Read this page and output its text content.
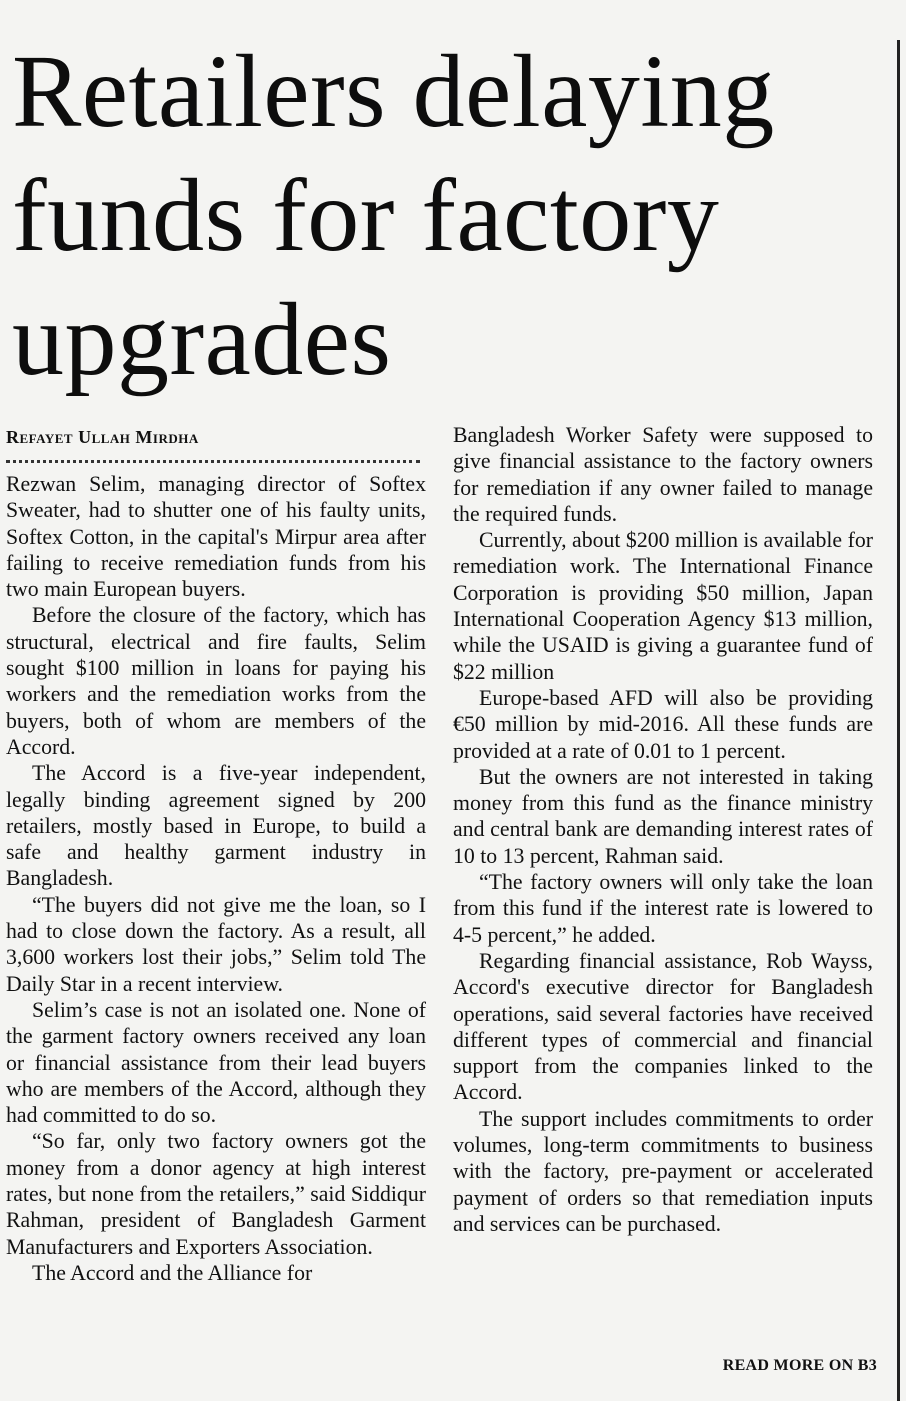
Retailers delaying funds for factory upgrades
Refayet Ullah Mirdha

Rezwan Selim, managing director of Softex Sweater, had to shutter one of his faulty units, Softex Cotton, in the capital's Mirpur area after failing to receive remediation funds from his two main European buyers.

Before the closure of the factory, which has structural, electrical and fire faults, Selim sought $100 million in loans for paying his workers and the remediation works from the buyers, both of whom are members of the Accord.

The Accord is a five-year independent, legally binding agreement signed by 200 retailers, mostly based in Europe, to build a safe and healthy garment industry in Bangladesh.

“The buyers did not give me the loan, so I had to close down the factory. As a result, all 3,600 workers lost their jobs,” Selim told The Daily Star in a recent interview.

Selim’s case is not an isolated one. None of the garment factory owners received any loan or financial assistance from their lead buyers who are members of the Accord, although they had committed to do so.

“So far, only two factory owners got the money from a donor agency at high interest rates, but none from the retailers,” said Siddiqur Rahman, president of Bangladesh Garment Manufacturers and Exporters Association.

The Accord and the Alliance for

Bangladesh Worker Safety were supposed to give financial assistance to the factory owners for remediation if any owner failed to manage the required funds.

Currently, about $200 million is available for remediation work. The International Finance Corporation is providing $50 million, Japan International Cooperation Agency $13 million, while the USAID is giving a guarantee fund of $22 million

Europe-based AFD will also be providing €50 million by mid-2016. All these funds are provided at a rate of 0.01 to 1 percent.

But the owners are not interested in taking money from this fund as the finance ministry and central bank are demanding interest rates of 10 to 13 percent, Rahman said.

“The factory owners will only take the loan from this fund if the interest rate is lowered to 4-5 percent,” he added.

Regarding financial assistance, Rob Wayss, Accord's executive director for Bangladesh operations, said several factories have received different types of commercial and financial support from the companies linked to the Accord.

The support includes commitments to order volumes, long-term commitments to business with the factory, pre-payment or accelerated payment of orders so that remediation inputs and services can be purchased.

READ MORE ON B3
